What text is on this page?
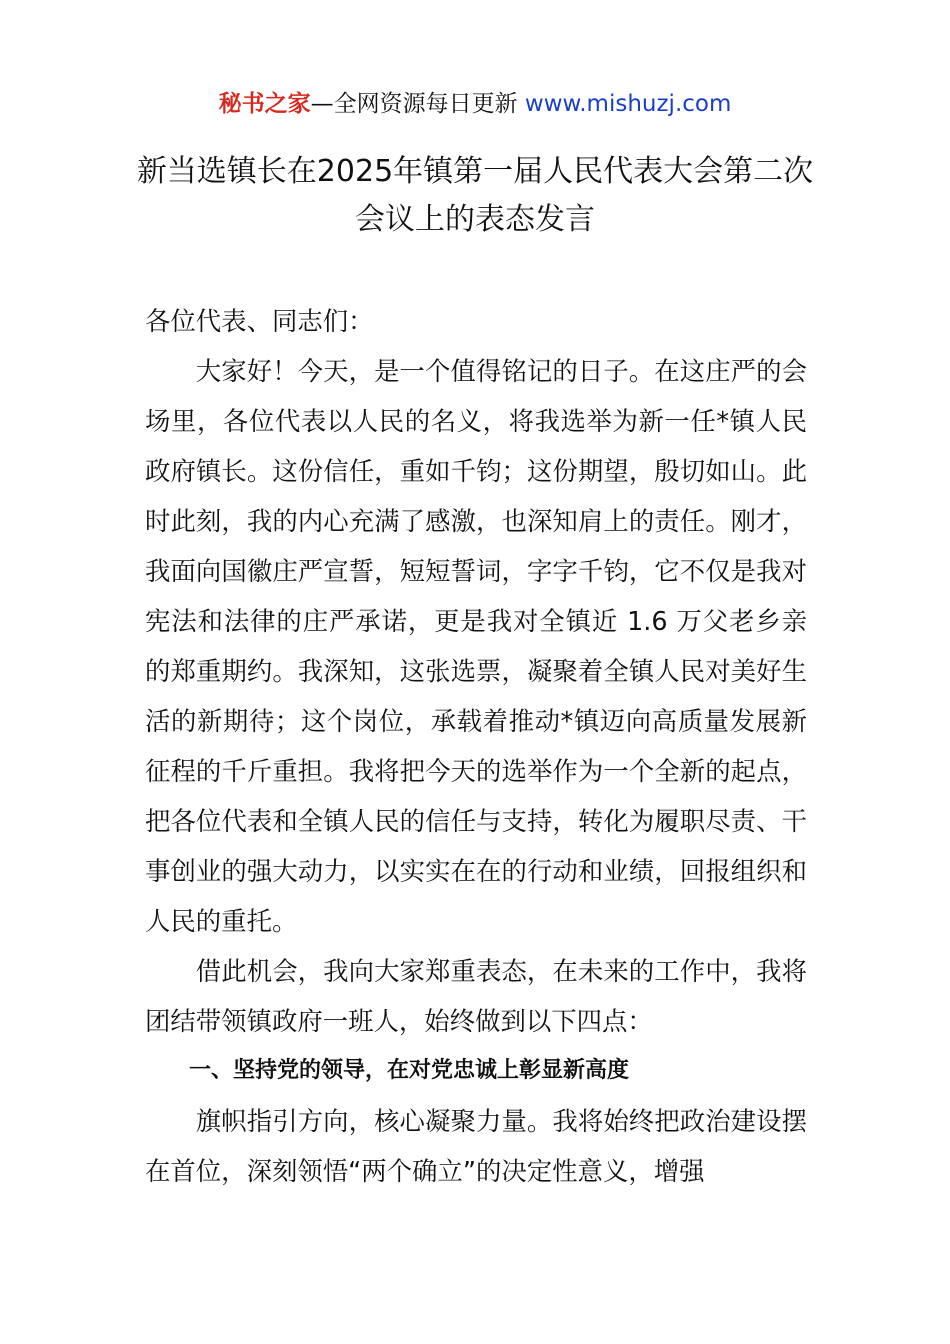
秘书之家—全网资源每日更新 www.mishuzj.com
新当选镇长在2025年镇第一届人民代表大会第二次会议上的表态发言

各位代表、同志们：

大家好！今天，是一个值得铭记的日子。在这庄严的会场里，各位代表以人民的名义，将我选举为新一任*镇人民政府镇长。这份信任，重如千钧；这份期望，殷切如山。此时此刻，我的内心充满了感激，也深知肩上的责任。刚才，我面向国徽庄严宣誓，短短誓词，字字千钧，它不仅是我对宪法和法律的庄严承诺，更是我对全镇近 1.6 万父老乡亲的郑重期约。我深知，这张选票，凝聚着全镇人民对美好生活的新期待；这个岗位，承载着推动*镇迈向高质量发展新征程的千斤重担。我将把今天的选举作为一个全新的起点，把各位代表和全镇人民的信任与支持，转化为履职尽责、干事创业的强大动力，以实实在在的行动和业绩，回报组织和人民的重托。

借此机会，我向大家郑重表态，在未来的工作中，我将团结带领镇政府一班人，始终做到以下四点：

一、坚持党的领导，在对党忠诚上彰显新高度

旗帜指引方向，核心凝聚力量。我将始终把政治建设摆在首位，深刻领悟“两个确立”的决定性意义，增强
